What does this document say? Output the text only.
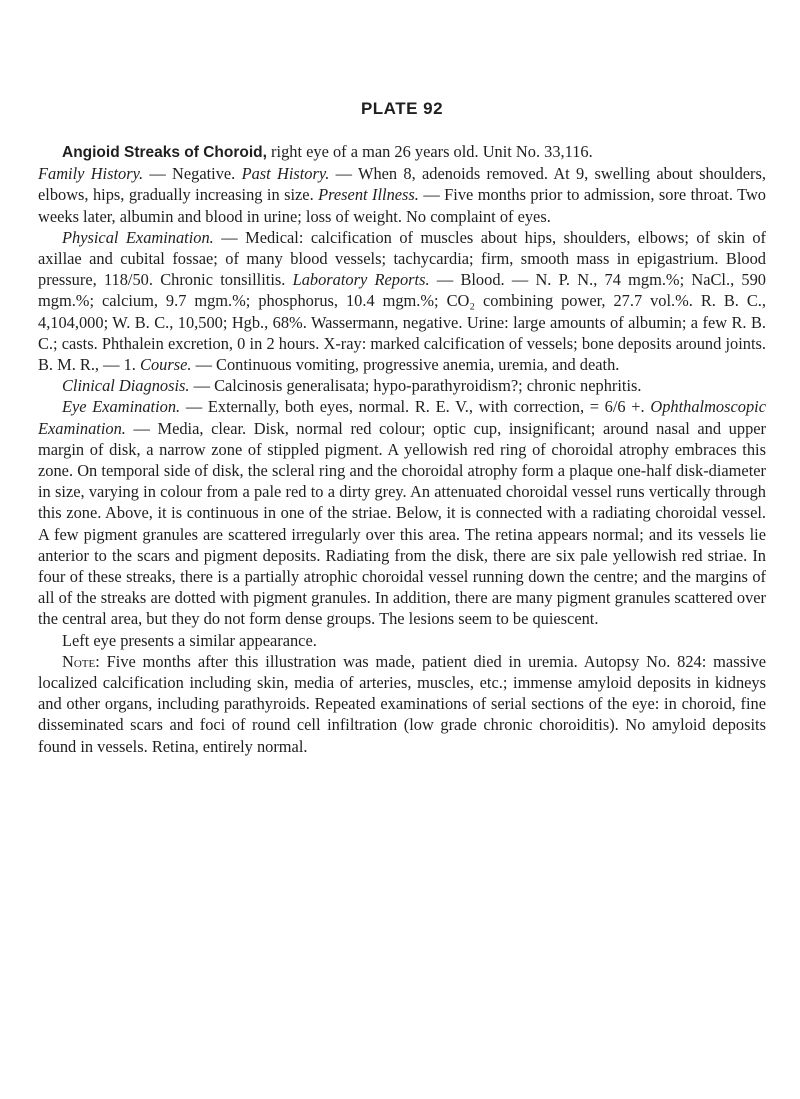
PLATE 92

Angioid Streaks of Choroid, right eye of a man 26 years old. Unit No. 33,116.
Family History. — Negative. Past History. — When 8, adenoids removed. At 9, swelling about shoulders, elbows, hips, gradually increasing in size. Present Illness. — Five months prior to admission, sore throat. Two weeks later, albumin and blood in urine; loss of weight. No complaint of eyes.

Physical Examination. — Medical: calcification of muscles about hips, shoulders, elbows; of skin of axillae and cubital fossae; of many blood vessels; tachycardia; firm, smooth mass in epigastrium. Blood pressure, 118/50. Chronic tonsillitis. Laboratory Reports. — Blood. — N. P. N., 74 mgm.%; NaCl., 590 mgm.%; calcium, 9.7 mgm.%; phosphorus, 10.4 mgm.%; CO₂ combining power, 27.7 vol.%. R. B. C., 4,104,000; W. B. C., 10,500; Hgb., 68%. Wassermann, negative. Urine: large amounts of albumin; a few R. B. C.; casts. Phthalein excretion, 0 in 2 hours. X-ray: marked calcification of vessels; bone deposits around joints. B. M. R., — 1. Course. — Continuous vomiting, progressive anemia, uremia, and death.

Clinical Diagnosis. — Calcinosis generalisata; hypo-parathyroidism?; chronic nephritis.

Eye Examination. — Externally, both eyes, normal. R. E. V., with correction, = 6/6 +. Ophthalmoscopic Examination. — Media, clear. Disk, normal red colour; optic cup, insignificant; around nasal and upper margin of disk, a narrow zone of stippled pigment. A yellowish red ring of choroidal atrophy embraces this zone. On temporal side of disk, the scleral ring and the choroidal atrophy form a plaque one-half disk-diameter in size, varying in colour from a pale red to a dirty grey. An attenuated choroidal vessel runs vertically through this zone. Above, it is continuous in one of the striae. Below, it is connected with a radiating choroidal vessel. A few pigment granules are scattered irregularly over this area. The retina appears normal; and its vessels lie anterior to the scars and pigment deposits. Radiating from the disk, there are six pale yellowish red striae. In four of these streaks, there is a partially atrophic choroidal vessel running down the centre; and the margins of all of the streaks are dotted with pigment granules. In addition, there are many pigment granules scattered over the central area, but they do not form dense groups. The lesions seem to be quiescent.

Left eye presents a similar appearance.

Note: Five months after this illustration was made, patient died in uremia. Autopsy No. 824: massive localized calcification including skin, media of arteries, muscles, etc.; immense amyloid deposits in kidneys and other organs, including parathyroids. Repeated examinations of serial sections of the eye: in choroid, fine disseminated scars and foci of round cell infiltration (low grade chronic choroiditis). No amyloid deposits found in vessels. Retina, entirely normal.
